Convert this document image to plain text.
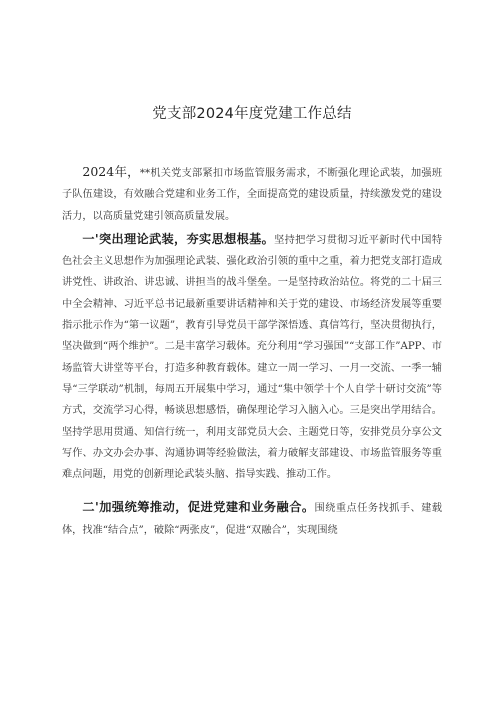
党支部2024年度党建工作总结

2024年，**机关党支部紧扣市场监管服务需求，不断强化理论武装，加强班子队伍建设，有效融合党建和业务工作，全面提高党的建设质量，持续激发党的建设活力，以高质量党建引领高质量发展。

一'突出理论武装，夯实思想根基。坚持把学习贯彻习近平新时代中国特色社会主义思想作为加强理论武装、强化政治引领的重中之重，着力把党支部打造成讲党性、讲政治、讲忠诚、讲担当的战斗堡垒。一是坚持政治站位。将党的二十届三中全会精神、习近平总书记最新重要讲话精神和关于党的建设、市场经济发展等重要指示批示作为“第一议题”，教育引导党员干部学深悟透、真信笃行，坚决贯彻执行，坚决做到“两个维护”。二是丰富学习载体。充分利用“学习强国”“支部工作”APP、市场监管大讲堂等平台，打造多种教育载体。建立一周一学习、一月一交流、一季一辅导“三学联动”机制，每周五开展集中学习，通过“集中领学十个人自学十研讨交流”等方式，交流学习心得，畅谈思想感悟，确保理论学习入脑入心。三是突出学用结合。坚持学思用贯通、知信行统一，利用支部党员大会、主题党日等，安排党员分享公文写作、办文办会办事、沟通协调等经验做法，着力破解支部建设、市场监管服务等重难点问题，用党的创新理论武装头脑、指导实践、推动工作。

二'加强统筹推动，促进党建和业务融合。围绕重点任务找抓手、建载体，找准“结合点”，破除“两张皮”，促进“双融合”，实现围绕
